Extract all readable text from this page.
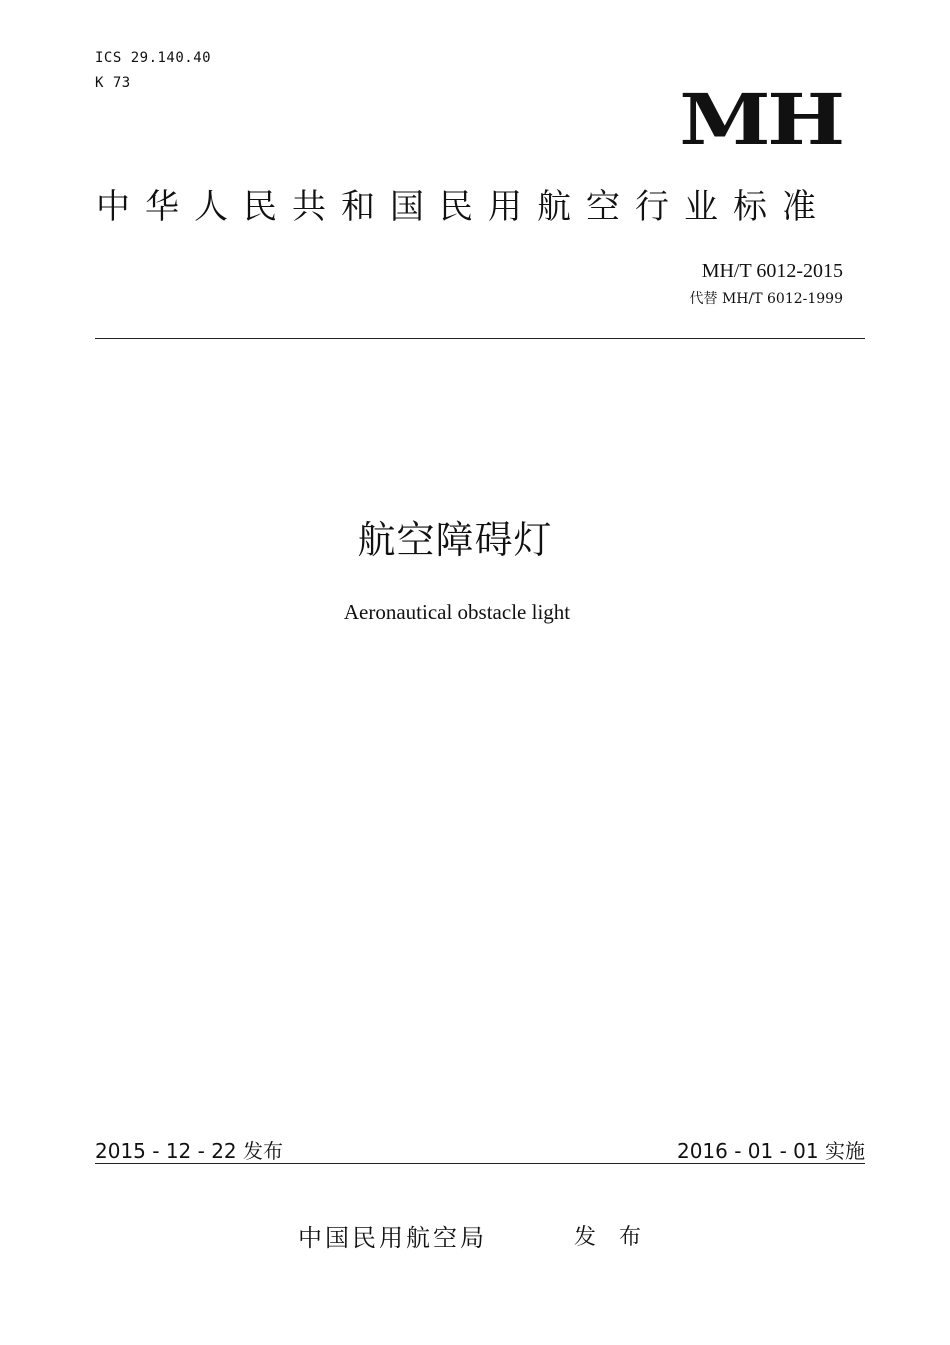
ICS 29.140.40
K 73	MH
中华人民共和国民用航空行业标准
MH/T 6012-2015
代替 MH/T 6012-1999
航空障碍灯
Aeronautical obstacle light
2015 - 12 - 22 发布	2016 - 01 - 01 实施
中国民用航空局	发 布
